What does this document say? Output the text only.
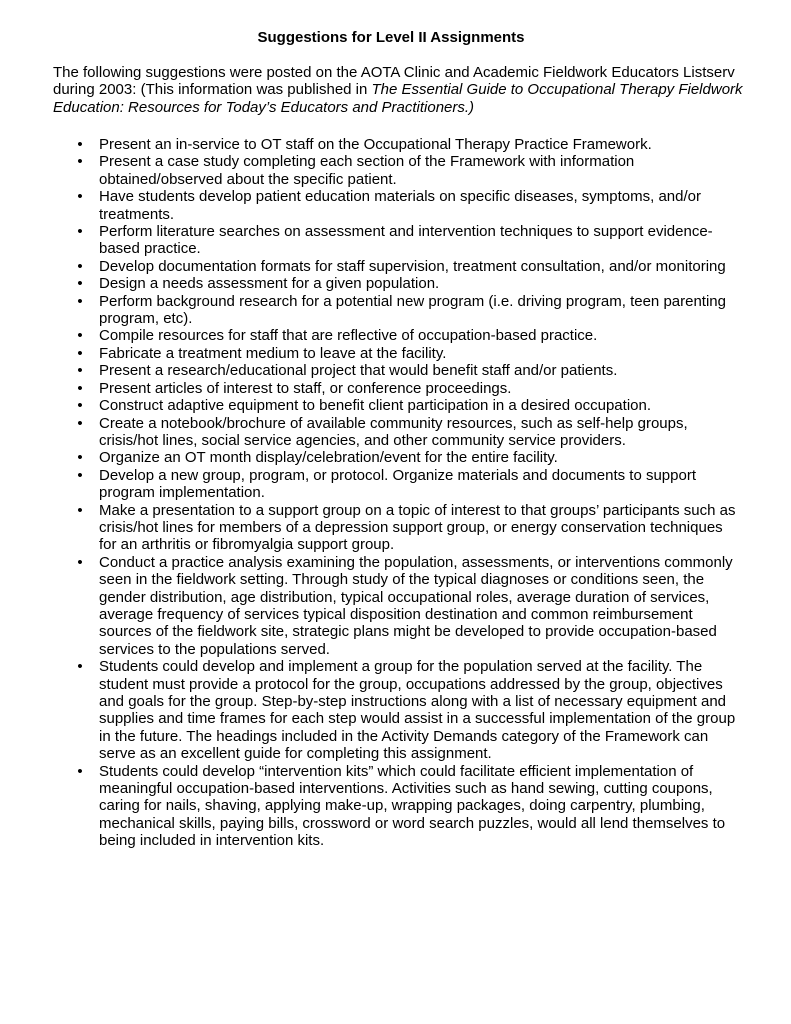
Suggestions for Level II Assignments
The following suggestions were posted on the AOTA Clinic and Academic Fieldwork Educators Listserv during 2003: (This information was published in The Essential Guide to Occupational Therapy Fieldwork Education: Resources for Today’s Educators and Practitioners.)
• Present an in-service to OT staff on the Occupational Therapy Practice Framework.
• Present a case study completing each section of the Framework with information obtained/observed about the specific patient.
• Have students develop patient education materials on specific diseases, symptoms, and/or treatments.
• Perform literature searches on assessment and intervention techniques to support evidence-based practice.
• Develop documentation formats for staff supervision, treatment consultation, and/or monitoring
• Design a needs assessment for a given population.
• Perform background research for a potential new program (i.e. driving program, teen parenting program, etc).
• Compile resources for staff that are reflective of occupation-based practice.
• Fabricate a treatment medium to leave at the facility.
• Present a research/educational project that would benefit staff and/or patients.
• Present articles of interest to staff, or conference proceedings.
• Construct adaptive equipment to benefit client participation in a desired occupation.
• Create a notebook/brochure of available community resources, such as self-help groups, crisis/hot lines, social service agencies, and other community service providers.
• Organize an OT month display/celebration/event for the entire facility.
• Develop a new group, program, or protocol. Organize materials and documents to support program implementation.
• Make a presentation to a support group on a topic of interest to that groups’ participants such as crisis/hot lines for members of a depression support group, or energy conservation techniques for an arthritis or fibromyalgia support group.
• Conduct a practice analysis examining the population, assessments, or interventions commonly seen in the fieldwork setting. Through study of the typical diagnoses or conditions seen, the gender distribution, age distribution, typical occupational roles, average duration of services, average frequency of services typical disposition destination and common reimbursement sources of the fieldwork site, strategic plans might be developed to provide occupation-based services to the populations served.
• Students could develop and implement a group for the population served at the facility. The student must provide a protocol for the group, occupations addressed by the group, objectives and goals for the group. Step-by-step instructions along with a list of necessary equipment and supplies and time frames for each step would assist in a successful implementation of the group in the future. The headings included in the Activity Demands category of the Framework can serve as an excellent guide for completing this assignment.
• Students could develop “intervention kits” which could facilitate efficient implementation of meaningful occupation-based interventions. Activities such as hand sewing, cutting coupons, caring for nails, shaving, applying make-up, wrapping packages, doing carpentry, plumbing, mechanical skills, paying bills, crossword or word search puzzles, would all lend themselves to being included in intervention kits.
